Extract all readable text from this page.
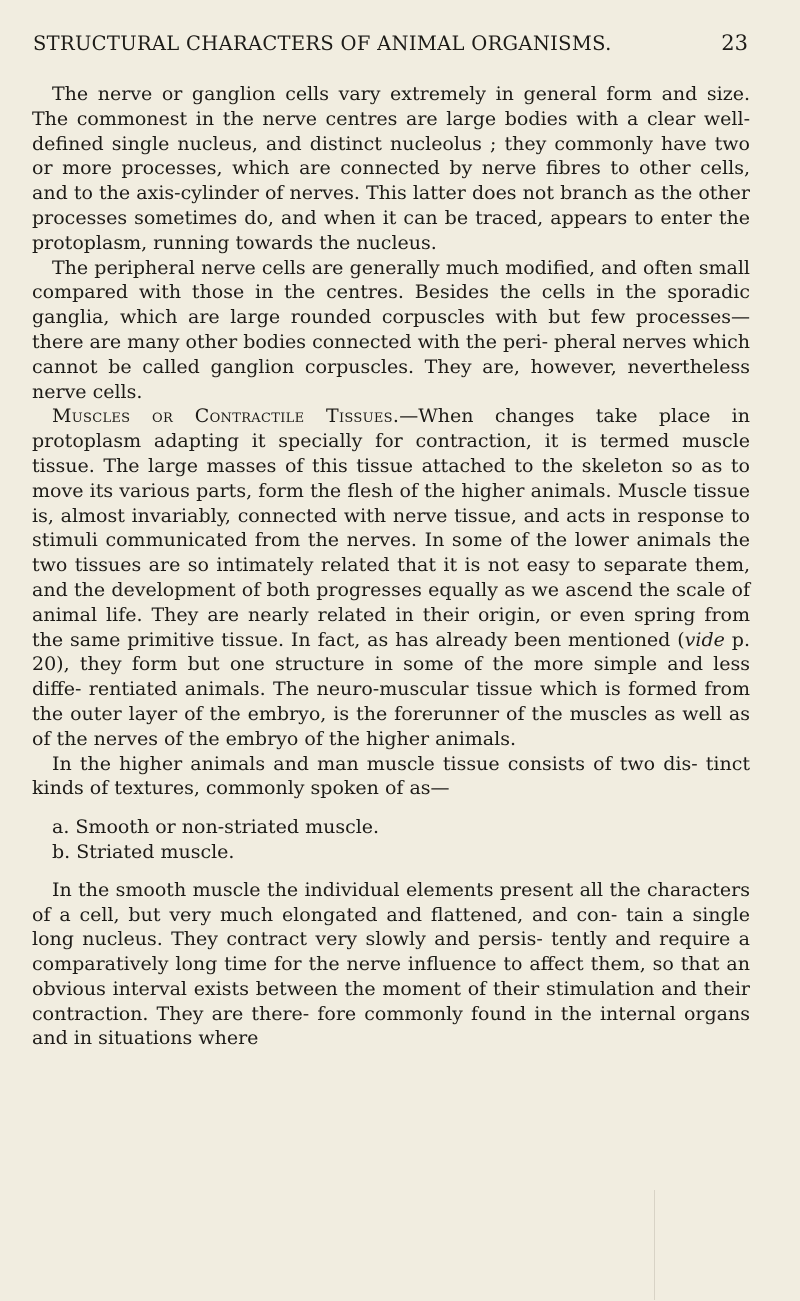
STRUCTURAL CHARACTERS OF ANIMAL ORGANISMS.	23

The nerve or ganglion cells vary extremely in general form and size. The commonest in the nerve centres are large bodies with a clear well-defined single nucleus, and distinct nucleolus ; they commonly have two or more processes, which are connected by nerve fibres to other cells, and to the axis-cylinder of nerves. This latter does not branch as the other processes sometimes do, and when it can be traced, appears to enter the protoplasm, running towards the nucleus.

The peripheral nerve cells are generally much modified, and often small compared with those in the centres. Besides the cells in the sporadic ganglia, which are large rounded corpuscles with but few processes—there are many other bodies connected with the peri- pheral nerves which cannot be called ganglion corpuscles. They are, however, nevertheless nerve cells.

Muscles or Contractile Tissues.—When changes take place in protoplasm adapting it specially for contraction, it is termed muscle tissue. The large masses of this tissue attached to the skeleton so as to move its various parts, form the flesh of the higher animals. Muscle tissue is, almost invariably, connected with nerve tissue, and acts in response to stimuli communicated from the nerves. In some of the lower animals the two tissues are so intimately related that it is not easy to separate them, and the development of both progresses equally as we ascend the scale of animal life. They are nearly related in their origin, or even spring from the same primitive tissue. In fact, as has already been mentioned (vide p. 20), they form but one structure in some of the more simple and less diffe- rentiated animals. The neuro-muscular tissue which is formed from the outer layer of the embryo, is the forerunner of the muscles as well as of the nerves of the embryo of the higher animals.

In the higher animals and man muscle tissue consists of two dis- tinct kinds of textures, commonly spoken of as—

a. Smooth or non-striated muscle.

b. Striated muscle.

In the smooth muscle the individual elements present all the characters of a cell, but very much elongated and flattened, and con- tain a single long nucleus. They contract very slowly and persis- tently and require a comparatively long time for the nerve influence to affect them, so that an obvious interval exists between the moment of their stimulation and their contraction. They are there- fore commonly found in the internal organs and in situations where
